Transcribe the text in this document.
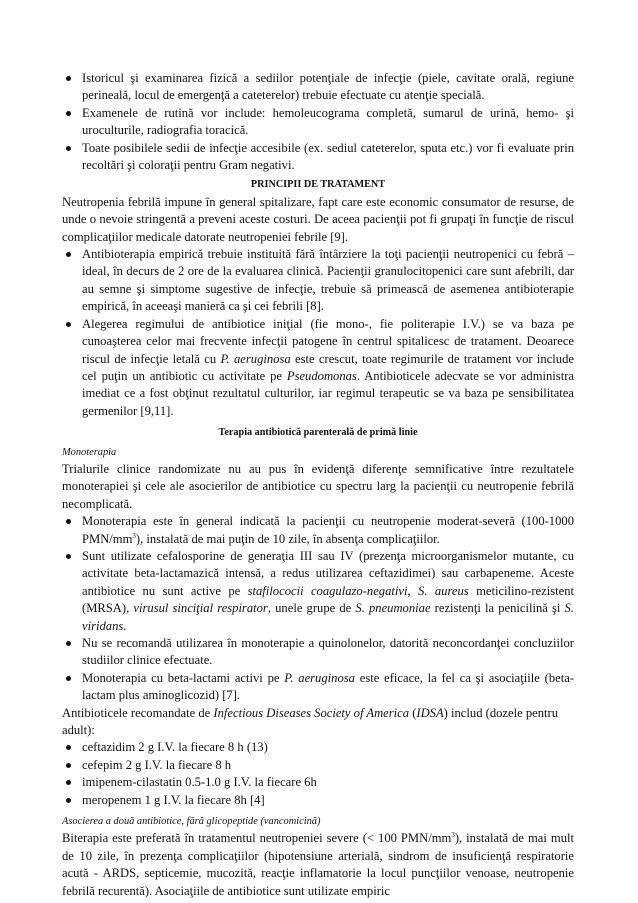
Istoricul şi examinarea fizică a sediilor potenţiale de infecţie (piele, cavitate orală, regiune perineală, locul de emergenţă a cateterelor) trebuie efectuate cu atenţie specială.
Examenele de rutină vor include: hemoleucograma completă, sumarul de urină, hemo- şi uroculturile, radiografia toracică.
Toate posibilele sedii de infecţie accesibile (ex. sediul cateterelor, sputa etc.) vor fi evaluate prin recoltări şi coloraţii pentru Gram negativi.
PRINCIPII DE TRATAMENT

Neutropenia febrilă impune în general spitalizare, fapt care este economic consumator de resurse, de unde o nevoie stringentă a preveni aceste costuri. De aceea pacienţii pot fi grupaţi în funcţie de riscul complicaţiilor medicale datorate neutropeniei febrile [9].

Antibioterapia empirică trebuie instituită fără întârziere la toţi pacienţii neutropenici cu febră – ideal, în decurs de 2 ore de la evaluarea clinică. Pacienţii granulocitopenici care sunt afebrili, dar au semne şi simptome sugestive de infecţie, trebuie să primească de asemenea antibioterapie empirică, în aceeaşi manieră ca şi cei febrili [8].
Alegerea regimului de antibiotice iniţial (fie mono-, fie politerapie I.V.) se va baza pe cunoaşterea celor mai frecvente infecţii patogene în centrul spitalicesc de tratament. Deoarece riscul de infecţie letală cu P. aeruginosa este crescut, toate regimurile de tratament vor include cel puţin un antibiotic cu activitate pe Pseudomonas. Antibioticele adecvate se vor administra imediat ce a fost obţinut rezultatul culturilor, iar regimul terapeutic se va baza pe sensibilitatea germenilor [9,11].
Terapia antibiotică parenterală de primă linie
Monoterapia

Trialurile clinice randomizate nu au pus în evidenţă diferenţe semnificative între rezultatele monoterapiei şi cele ale asocierilor de antibiotice cu spectru larg la pacienţii cu neutropenie febrilă necomplicată.

Monoterapia este în general indicată la pacienţii cu neutropenie moderat-severă (100-1000 PMN/$mm^3$), instalată de mai puţin de 10 zile, în absenţa complicaţiilor.
Sunt utilizate cefalosporine de generaţia III sau IV (prezenţa microorganismelor mutante, cu activitate beta-lactamazică intensă, a redus utilizarea ceftazidimei) sau carbapeneme. Aceste antibiotice nu sunt active pe stafilococii coagulazo-negativi, S. aureus meticilino-rezistent (MRSA), virusul sinciţial respirator, unele grupe de S. pneumoniae rezistenţi la penicilină şi S. viridans.
Nu se recomandă utilizarea în monoterapie a quinolonelor, datorită neconcordanţei concluziilor studiilor clinice efectuate.
Monoterapia cu beta-lactami activi pe P. aeruginosa este eficace, la fel ca şi asociaţiile (beta-lactam plus aminoglicozid) [7].

Antibioticele recomandate de Infectious Diseases Society of America (IDSA) includ (dozele pentru adult):

ceftazidim 2 g I.V. la fiecare 8 h (13)
cefepim 2 g I.V. la fiecare 8 h
imipenem-cilastatin 0.5-1.0 g I.V. la fiecare 6h
meropenem 1 g I.V. la fiecare 8h [4]
Asocierea a două antibiotice, fără glicopeptide (vancomicină)

Biterapia este preferată în tratamentul neutropeniei severe (< 100 PMN/$mm^3$), instalată de mai mult de 10 zile, în prezenţa complicaţiilor (hipotensiune arterială, sindrom de insuficienţă respiratorie acută - ARDS, septicemie, mucozită, reacţie inflamatorie la locul puncţiilor venoase, neutropenie febrilă recurentă). Asociaţiile de antibiotice sunt utilizate empiric
